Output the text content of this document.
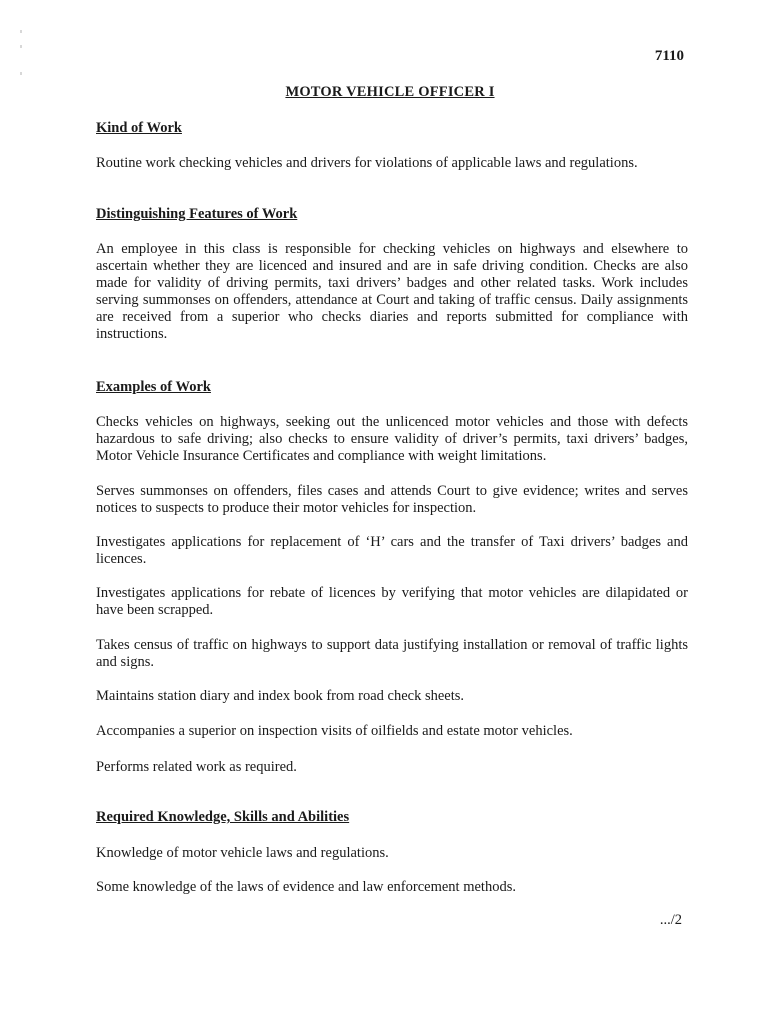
7110
MOTOR VEHICLE OFFICER I
Kind of Work
Routine work checking vehicles and drivers for violations of applicable laws and regulations.
Distinguishing Features of Work
An employee in this class is responsible for checking vehicles on highways and elsewhere to ascertain whether they are licenced and insured and are in safe driving condition. Checks are also made for validity of driving permits, taxi drivers’ badges and other related tasks. Work includes serving summonses on offenders, attendance at Court and taking of traffic census. Daily assignments are received from a superior who checks diaries and reports submitted for compliance with instructions.
Examples of Work
Checks vehicles on highways, seeking out the unlicenced motor vehicles and those with defects hazardous to safe driving; also checks to ensure validity of driver’s permits, taxi drivers’ badges, Motor Vehicle Insurance Certificates and compliance with weight limitations.
Serves summonses on offenders, files cases and attends Court to give evidence; writes and serves notices to suspects to produce their motor vehicles for inspection.
Investigates applications for replacement of ‘H’ cars and the transfer of Taxi drivers’ badges and licences.
Investigates applications for rebate of licences by verifying that motor vehicles are dilapidated or have been scrapped.
Takes census of traffic on highways to support data justifying installation or removal of traffic lights and signs.
Maintains station diary and index book from road check sheets.
Accompanies a superior on inspection visits of oilfields and estate motor vehicles.
Performs related work as required.
Required Knowledge, Skills and Abilities
Knowledge of motor vehicle laws and regulations.
Some knowledge of the laws of evidence and law enforcement methods.
.../2
